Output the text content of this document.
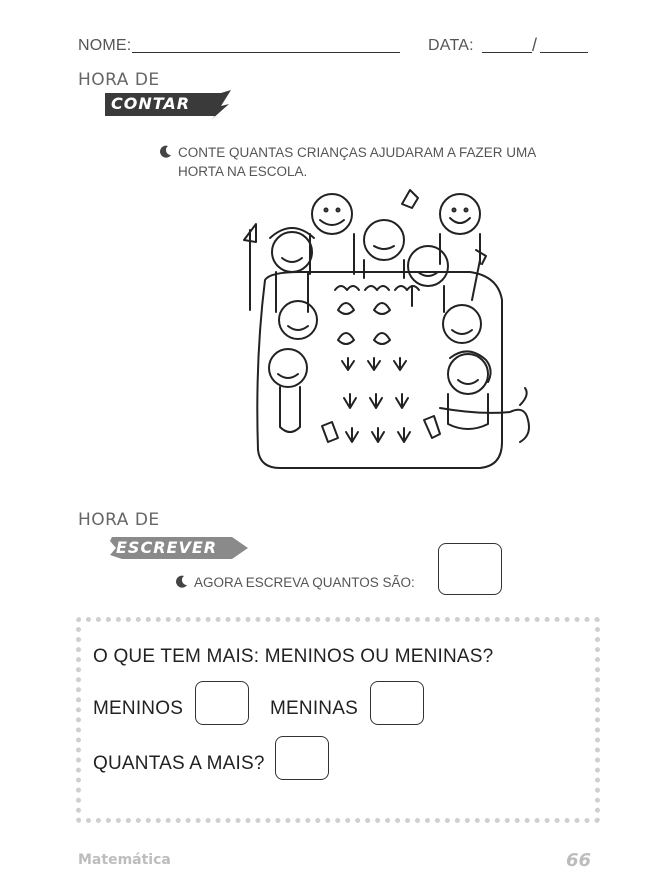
NOME:	DATA:	/
HORA DE
CONTAR
CONTE QUANTAS CRIANÇAS AJUDARAM A FAZER UMA
HORTA NA ESCOLA.
HORA DE
ESCREVER
AGORA ESCREVA QUANTOS SÃO:
O QUE TEM MAIS: MENINOS OU MENINAS?
MENINOS	MENINAS
QUANTAS A MAIS?
Matemática	66
